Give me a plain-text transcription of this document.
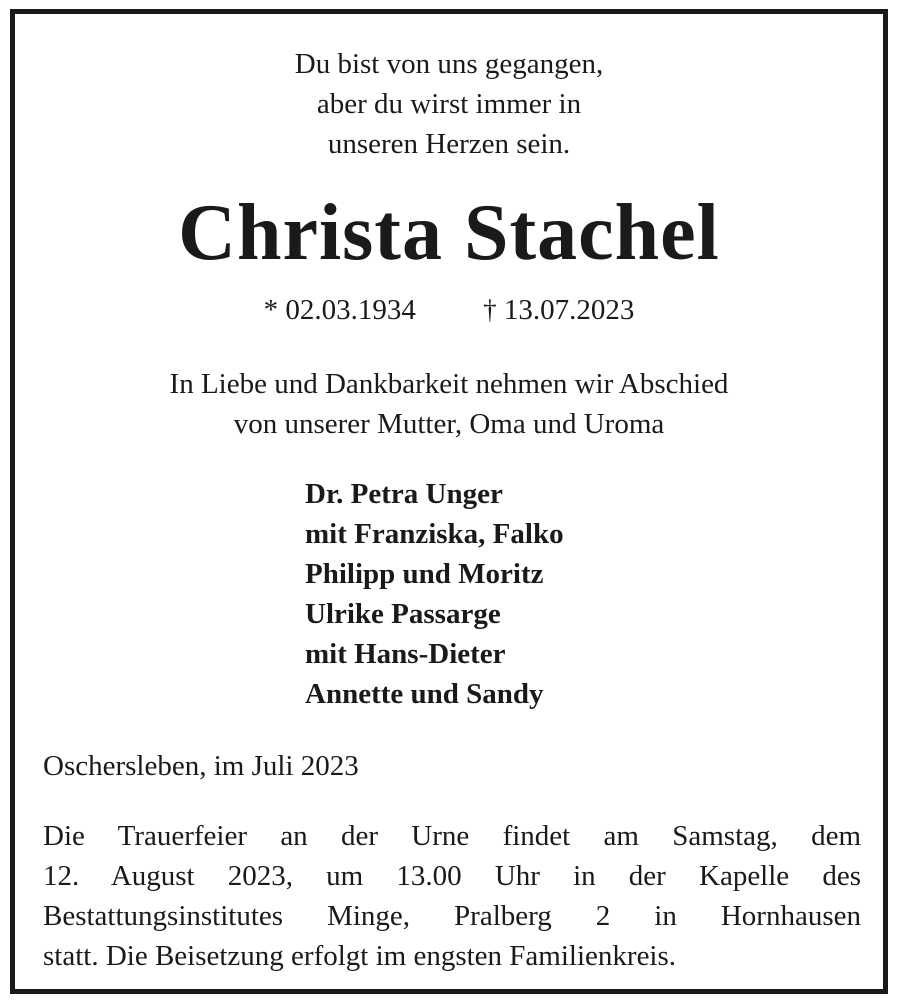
Du bist von uns gegangen,
aber du wirst immer in
unseren Herzen sein.
Christa Stachel
* 02.03.1934 † 13.07.2023
In Liebe und Dankbarkeit nehmen wir Abschied
von unserer Mutter, Oma und Uroma
Dr. Petra Unger
mit Franziska, Falko
Philipp und Moritz
Ulrike Passarge
mit Hans-Dieter
Annette und Sandy
Oschersleben, im Juli 2023
Die Trauerfeier an der Urne findet am Samstag, dem
12. August 2023, um 13.00 Uhr in der Kapelle des
Bestattungsinstitutes Minge, Pralberg 2 in Hornhausen
statt. Die Beisetzung erfolgt im engsten Familienkreis.
